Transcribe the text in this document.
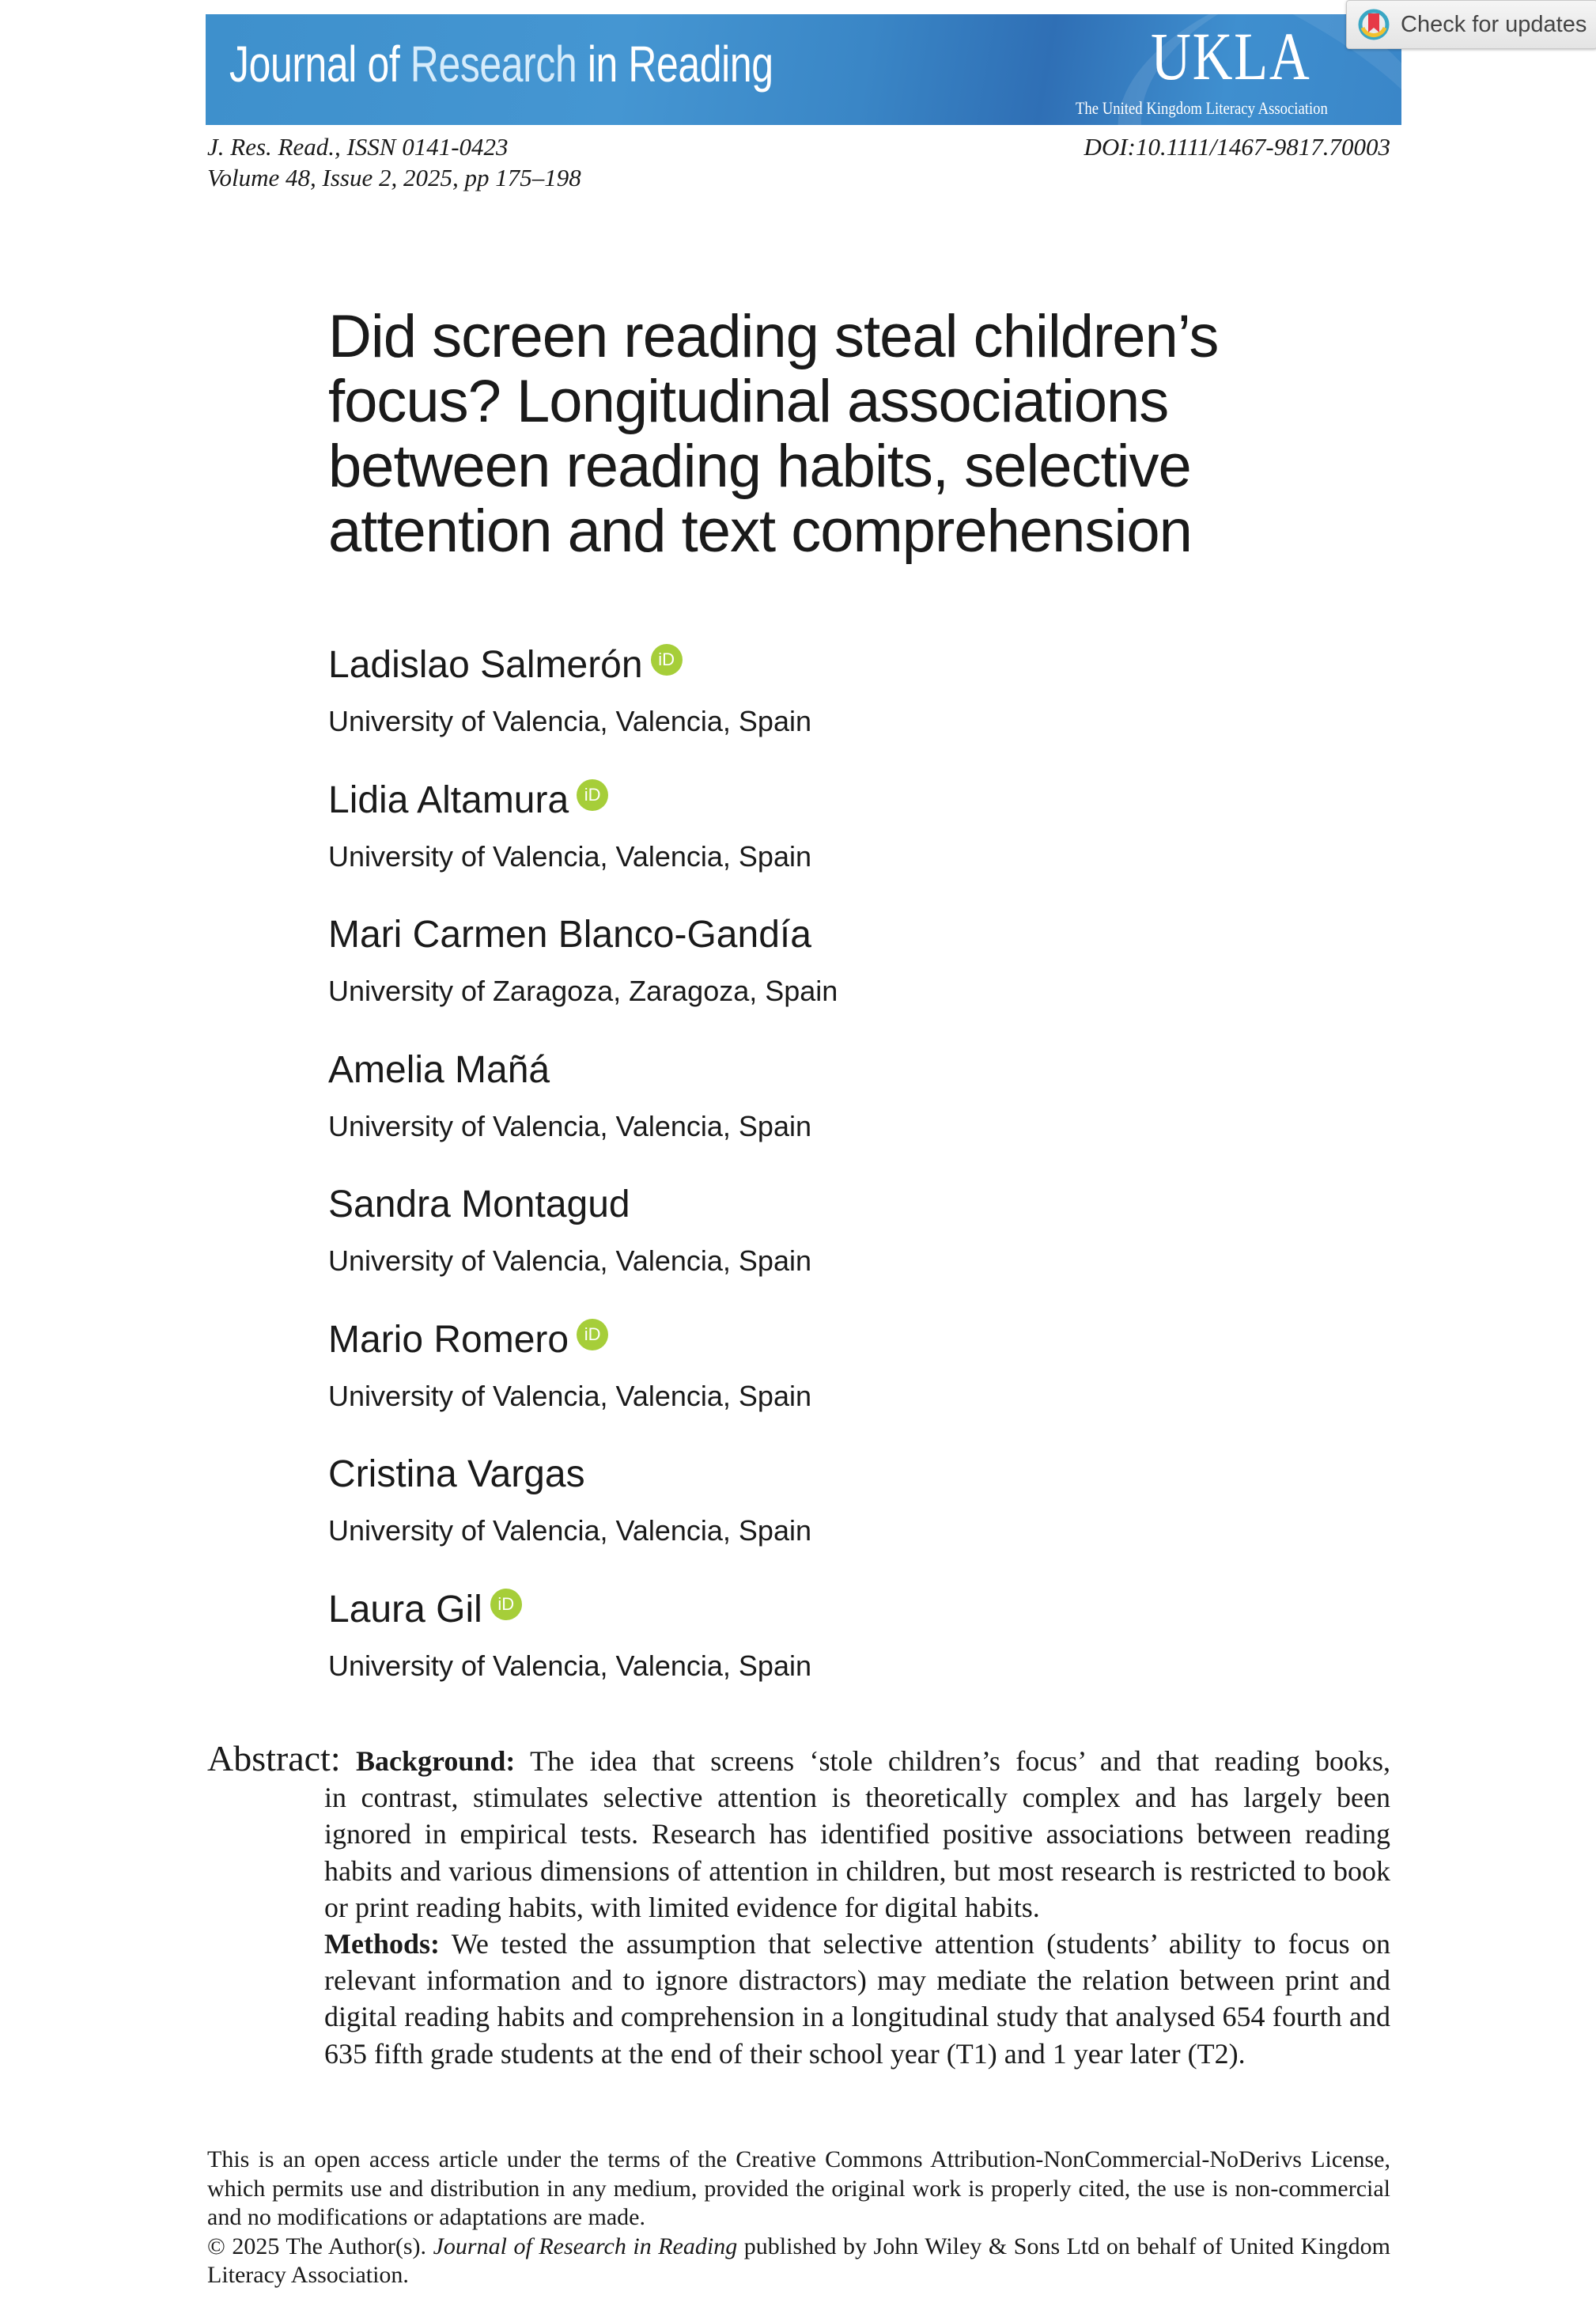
Journal of Research in Reading	UKLA
The United Kingdom Literacy Association
Check for updates
J. Res. Read., ISSN 0141-0423
Volume 48, Issue 2, 2025, pp 175–198
DOI:10.1111/1467-9817.70003
Did screen reading steal children’s
focus? Longitudinal associations
between reading habits, selective
attention and text comprehension
Ladislao Salmerón iD
University of Valencia, Valencia, Spain
Lidia Altamura iD
University of Valencia, Valencia, Spain
Mari Carmen Blanco-Gandía
University of Zaragoza, Zaragoza, Spain
Amelia Mañá
University of Valencia, Valencia, Spain
Sandra Montagud
University of Valencia, Valencia, Spain
Mario Romero iD
University of Valencia, Valencia, Spain
Cristina Vargas
University of Valencia, Valencia, Spain
Laura Gil iD
University of Valencia, Valencia, Spain

Abstract: Background: The idea that screens ‘stole children’s focus’ and that reading books,

in contrast, stimulates selective attention is theoretically complex and has largely been ignored in empirical tests. Research has identified positive associations between reading habits and various dimensions of attention in children, but most research is restricted to book or print reading habits, with limited evidence for digital habits.

Methods: We tested the assumption that selective attention (students’ ability to focus on relevant information and to ignore distractors) may mediate the relation between print and digital reading habits and comprehension in a longitudinal study that analysed 654 fourth and 635 fifth grade students at the end of their school year (T1) and 1 year later (T2).

This is an open access article under the terms of the Creative Commons Attribution-NonCommercial-NoDerivs License, which permits use and distribution in any medium, provided the original work is properly cited, the use is non-commercial and no modifications or adaptations are made.

© 2025 The Author(s). Journal of Research in Reading published by John Wiley & Sons Ltd on behalf of United Kingdom Literacy Association.
